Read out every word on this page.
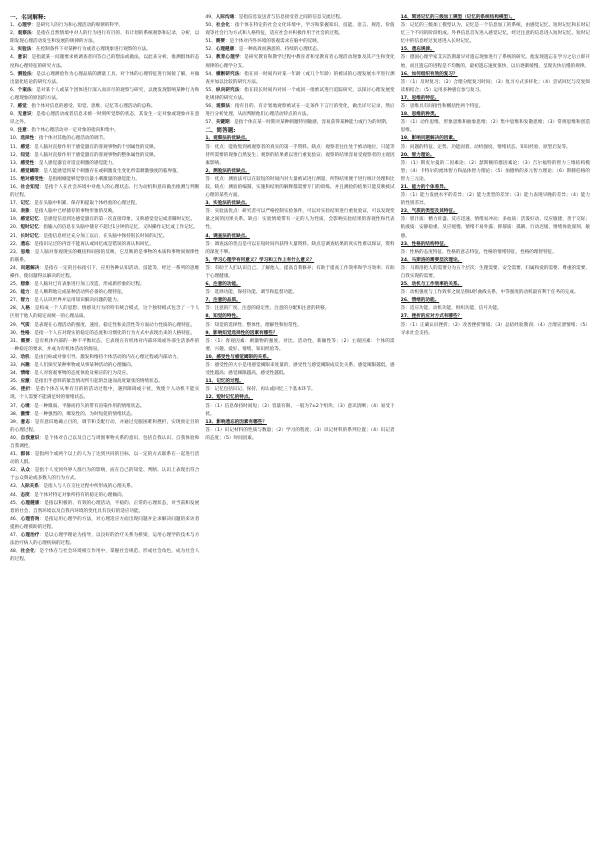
一、名词解释:

1、心理学：是研究人的行为和心理活动的规律的科学。

2、观察法：是指在自然情境中对人的行为进行有目的、有计划的系统观察和记录，分析，以期发现心理活动发生和发展的规律的方法。

3、实验法：在控制条件下对某种行为或者心理现象进行观察的方法。

4、意识：是指就某一问题要求被调查者回答自己的想法或做法，以此来分析、推测群体的态度和心理特征的研究方法。

5、测验法：是以心理测验作为心理品质的测量工具，对个体的心理特征进行间接了解，并做出量化结论的研究方法。

6、个案法：是对某个人或某个团体进行深入而详尽的观察与研究，以便发现影响某种行为和心理现象的原因的方法。

7、感觉：指个体对信息的感受、知觉、思维、记忆等心理活动的总称。

8、无意识：是指心理活动或者信息未被一时刻所觉察的状态，其发生一定对象或现象并在意识之外。

9、注意：指个体心理活动对一定对象的指向和集中。

10、选择性：指个体对其他的心理活动的调节。

11、感觉：是人脑对直接作用于感觉器官的客观事物的个别属性的反映。

12、知觉：是人脑对直接作用于感觉器官的客观事物的整体属性的反映。

13、感受性：是人感觉器官对适宜刺激的感觉能力。

14、感觉阈限：是人能感觉到某个刺激存在或刺激发生变化所需刺激强度的临界值。

15、绝对感受性：是指刚刚能够觉察出最小刺激量的感觉能力。

16、社会知觉：是指个人在社会环境中对他人的心理状态、行为动机和意向做出推测与判断的过程。

17、记忆：是在头脑中积累、保存和提取个体经验的心理过程。

18、表象：是指人脑中已经储存的事物形象的反映。

19、感觉记忆：是感觉信息到达感觉器官的第一次直接印象。又称感觉登记或者瞬时记忆。

20、短时记忆：指输入的信息在头脑中储存不超过1分钟的记忆，又叫操作记忆或工作记忆。

21、长时记忆：是指信息经过充分加工以后，在头脑中保持很长时间的记忆。

22、遗忘：是指识记过的内容不能再认或回忆或是错误的再认和回忆。

23、思维：是人脑对客观现实的概括和间接的反映，它反映的是事物的本质和事物间规律性的联系。

24、问题解决：是指在一定的目标指引下，应用各种认知活动、技能等，经过一系列的思维操作，使问题得以解决的过程。

25、想象：是人脑对已有表象进行加工改造，形成新形象的过程。

26、能力：是人顺利地完成某种活动所必备的心理特征。

27、智力：是人认识世界并运用知识解决问题的能力。

28、人格：是构成一个人的思想、情感及行为的特有统合模式，这个独特模式包含了一个人区别于他人的稳定而统一的心理品质。

29、气质：是表现在心理活动的强度、速度、稳定性和灵活性等方面动力性质的心理特征。

30、性格：是指一个人在对现实的稳定的态度和习惯化的行为方式中表现出来的人格特征。

31、需要：是有机体内部的一种不平衡状态，它表现在有机体对内部环境或外部生活条件的一种稳定的要求，并成为有机体活动的源泉。

32、动机：是由目标或对象引导、激发和维持个体活动的内在心理过程或内部动力。

33、兴趣：是人们探究某种事物或从事某种活动的心理倾向。

34、情绪：是人对客观事物的态度体验及相应的行为反应。

35、应激：是指出乎意料的紧急情况所引起的急速而高度紧张的情绪状态。

36、挫折：是指个体在从事有目的的活动过程中，遇到障碍或干扰，致使个人动机不能实现、个人需要不能满足时的情绪状态。

37、心境：是一种微弱、平静而持久的带有渲染作用的情绪状态。

38、激情：是一种强烈的、爆发性的、为时短促的情绪状态。

39、意志：是有意识地确立目的，调节和支配行动，并通过克服困难和挫折，实现预定目的的心理过程。

40、自我意识：是个体对自己以及自己与周围事物关系的意识，包括自我认识、自我体验和自我调控。

41、群体：是指两个或两个以上的人为了达到共同的目标，以一定的方式联系在一起进行活动的人群。

42、从众：是指个人受到外界人群行为的影响，而在自己的知觉、判断、认识上表现出符合于公众舆论或多数人的行为方式。

43、人际关系：是指人与人在交往过程中所形成的心理关系。

44、态度：是个体对特定对象所持有的稳定的心理倾向。

45、心理健康：是指以积极的、有效的心理活动，平稳的、正常的心理状态，对当前和发展着的社会、自然环境以及自我内环境的变化具有良好的适应功能。

46、心理咨询：是指运用心理学的方法，对心理适应方面出现问题并企求解决问题的来访者提供心理援助的过程。

47、心理治疗：是以心理学理论为指导，以良好的治疗关系为桥梁，运用心理学的技术与方法治疗病人的心理疾病的过程。

48、社会化：是个体在与社会环境相互作用中，掌握社会规范、形成社会角色，成为社会人的过程。

49、人际沟通：是指信息发送者与信息接受者之间的信息交流过程。

50、社会化：指个体在特定的社会文化环境中，学习和掌握知识、技能、语言、规范、价值观等社会行为方式和人格特征，适应社会并积极作用于社会的过程。

51、需要：是个体对内外环境的客观需求在脑中的反映。

52、心理健康：是一种高效而满意的、持续的心理状态。

53、教育心理学：是研究教育和教学过程中教育者和受教育者心理活动现象及其产生和变化规律的心理学分支。

54、横断研究法：指在同一时间内对某一年龄（或几个年龄）的被试的心理发展水平进行测查并加以比较的研究方法。

55、纵向研究法：指在较长时间内对同一个或同一批被试进行追踪研究，以探讨心理发展变化规律的研究方法。

56、观察法：指有目的、有计划地观察被试在一定条件下言行的变化，做出详尽记录，然后进行分析处理，从而判断他们心理活动特点的方法。

57、关键期：是指个体在某一时期对某种刺激特别敏感，容易获得某种能力或行为的时期。

二、简答题:

1、观察法的优缺点。

答：优点：能收集到被观察者的真实的第一手资料。缺点：观察者往往处于被动地位，只能等待所需要的现象自然发生；观察的结果难以进行重复验证；观察的结果容易受观察者的主观因素影响。

2、测验法的优缺点。

答：优点：测验法可以在较短的时间内对大量被试进行测量，所得结果便于进行统计处理和比较。缺点：测验的编制、实施和结果的解释都需要专门的训练，并且测验的结果只能反映被试心理的某些方面。

3、实验法的优缺点。

答：实验法优点：研究者可以严格控制实验条件，可以对实验结果进行重复验证，可以发现变量之间的因果关系。缺点：实验情境带有一定的人为性质，会影响实验结果的客观性和代表性。

4、调查法的优缺点。

答：调查法的优点是可以在短时间内获得大量资料。缺点是调查结果的真实性难以保证，资料的深度不够。

5、学习心理学有何意义？学习和工作上有什么意义？

答：有助于人们认识自己、了解他人，提高自我修养；有助于提高工作效率和学习效率；有助于心理健康。

6、注意的功能。

答：选择功能、保持功能、调节和监督功能。

7、注意的品质。

答：注意的广度、注意的稳定性、注意的分配和注意的转移。

8、知觉的特性。

答：知觉的选择性、整体性、理解性和恒常性。

9、影响知觉选择性的因素有哪些？

答：（1）客观因素：刺激物的强度、对比、活动性、新颖性等；（2）主观因素：个体的需要、兴趣、爱好、情绪、知识经验等。

10、感受性与感觉阈限的关系。

答：感受性的大小是用感觉阈限来度量的，感受性与感觉阈限成反比关系。感觉阈限越低，感受性越高；感觉阈限越高，感受性越低。

11、记忆的过程。

答：记忆包括识记、保持、再认或回忆三个基本环节。

12、短时记忆的特点。

答：（1）信息保持时间短；（2）容量有限，一般为7±2个组块；（3）意识清晰；（4）易受干扰。

13、影响遗忘的因素有哪些？

答：（1）识记材料的性质与数量；（2）学习的程度；（3）识记材料的系列位置；（4）识记者的态度；（5）时间因素。

14、简述记忆的三级加工模型（记忆的系统结构模型）。

答：记忆的三级加工模型认为，记忆是一个信息加工的系统，由感觉记忆、短时记忆和长时记忆三个不同的阶段组成。外界信息首先进入感觉记忆，经过注意的信息进入短时记忆，短时记忆中的信息经过复述进入长时记忆。

15、遗忘规律。

答：德国心理学家艾宾浩斯最早对遗忘现象进行了系统的研究。他发现遗忘在学习之后立即开始，而且遗忘的进程是不均衡的，最初遗忘速度很快，以后逐渐缓慢，呈现先快后慢的规律。

16、如何组织有效的复习？

答：（1）及时复习；（2）合理分配复习时间；（3）复习方式多样化；（4）尝试回忆与反复阅读相结合；（5）运用多种感官参与复习。

17、思维的特征。

答：思维具有间接性和概括性两个特征。

18、思维的种类。

答：（1）动作思维、形象思维和抽象思维；（2）集中思维和发散思维；（3）常规思维和创造思维。

19、影响问题解决的因素。

答：问题的特征、定势、功能固着、动机强度、情绪状态、知识经验、原型启发等。

20、智力理论。

答：（1）斯皮尔曼的二因素论；（2）瑟斯顿的群因素论；（3）吉尔福特的智力三维结构模型；（4）卡特尔的流体智力和晶体智力理论；（5）加德纳的多元智力理论；（6）斯滕伯格的智力三元论。

21、能力的个体差异。

答：（1）能力发展水平的差异；（2）能力类型的差异；（3）能力表现早晚的差异；（4）能力的性别差异。

22、气质的类型及其特征。

答：胆汁质：精力旺盛、反应迅速、情绪易冲动；多血质：活泼好动、反应敏捷、善于交际；粘液质：安静稳重、反应缓慢、情绪不易外露；抑郁质：孤僻、行动迟缓、情绪体验深刻、敏感。

23、性格的结构特征。

答：性格的态度特征、性格的意志特征、性格的情绪特征、性格的理智特征。

24、马斯洛的需要层次理论。

答：马斯洛把人的需要分为五个层次：生理需要、安全需要、归属和爱的需要、尊重的需要、自我实现的需要。

25、动机与工作效率的关系。

答：动机强度与工作效率之间呈倒U形曲线关系，中等强度的动机最有利于任务的完成。

26、情绪的功能。

答：适应功能、动机功能、组织功能、信号功能。

27、挫折的应对方式有哪些？

答：（1）正确认识挫折；（2）改善挫折情境；（3）总结经验教训；（4）合理宣泄情绪；（5）寻求社会支持。
